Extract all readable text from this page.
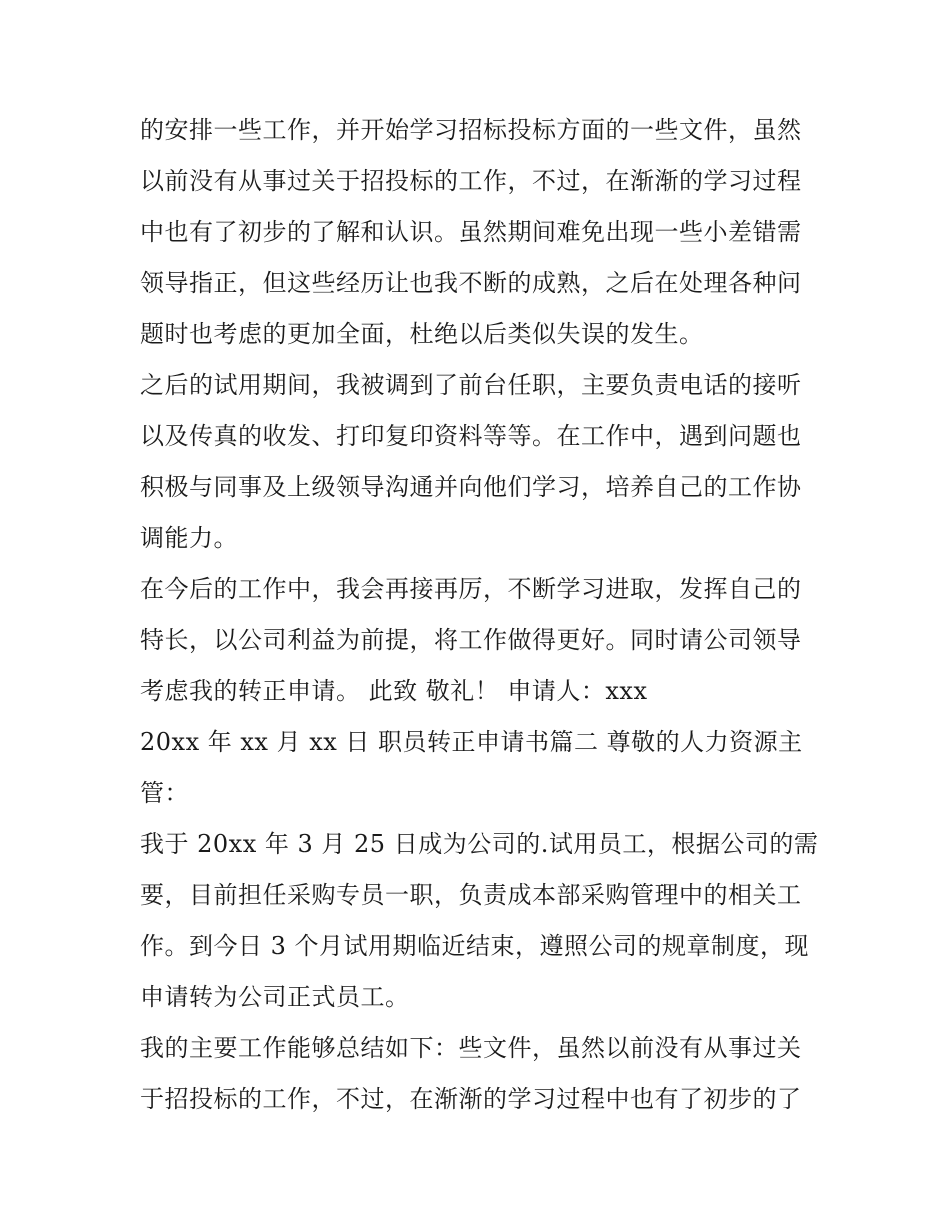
的安排一些工作，并开始学习招标投标方面的一些文件，虽然
以前没有从事过关于招投标的工作，不过，在渐渐的学习过程
中也有了初步的了解和认识。虽然期间难免出现一些小差错需
领导指正，但这些经历让也我不断的成熟，之后在处理各种问
题时也考虑的更加全面，杜绝以后类似失误的发生。
之后的试用期间，我被调到了前台任职，主要负责电话的接听
以及传真的收发、打印复印资料等等。在工作中，遇到问题也
积极与同事及上级领导沟通并向他们学习，培养自己的工作协
调能力。
在今后的工作中，我会再接再厉，不断学习进取，发挥自己的
特长，以公司利益为前提，将工作做得更好。同时请公司领导
考虑我的转正申请。 此致 敬礼！ 申请人：xxx
20xx 年 xx 月 xx 日 职员转正申请书篇二 尊敬的人力资源主
管：
我于 20xx 年 3 月 25 日成为公司的.试用员工，根据公司的需
要，目前担任采购专员一职，负责成本部采购管理中的相关工
作。到今日 3 个月试用期临近结束，遵照公司的规章制度，现
申请转为公司正式员工。
我的主要工作能够总结如下：些文件，虽然以前没有从事过关
于招投标的工作，不过，在渐渐的学习过程中也有了初步的了
